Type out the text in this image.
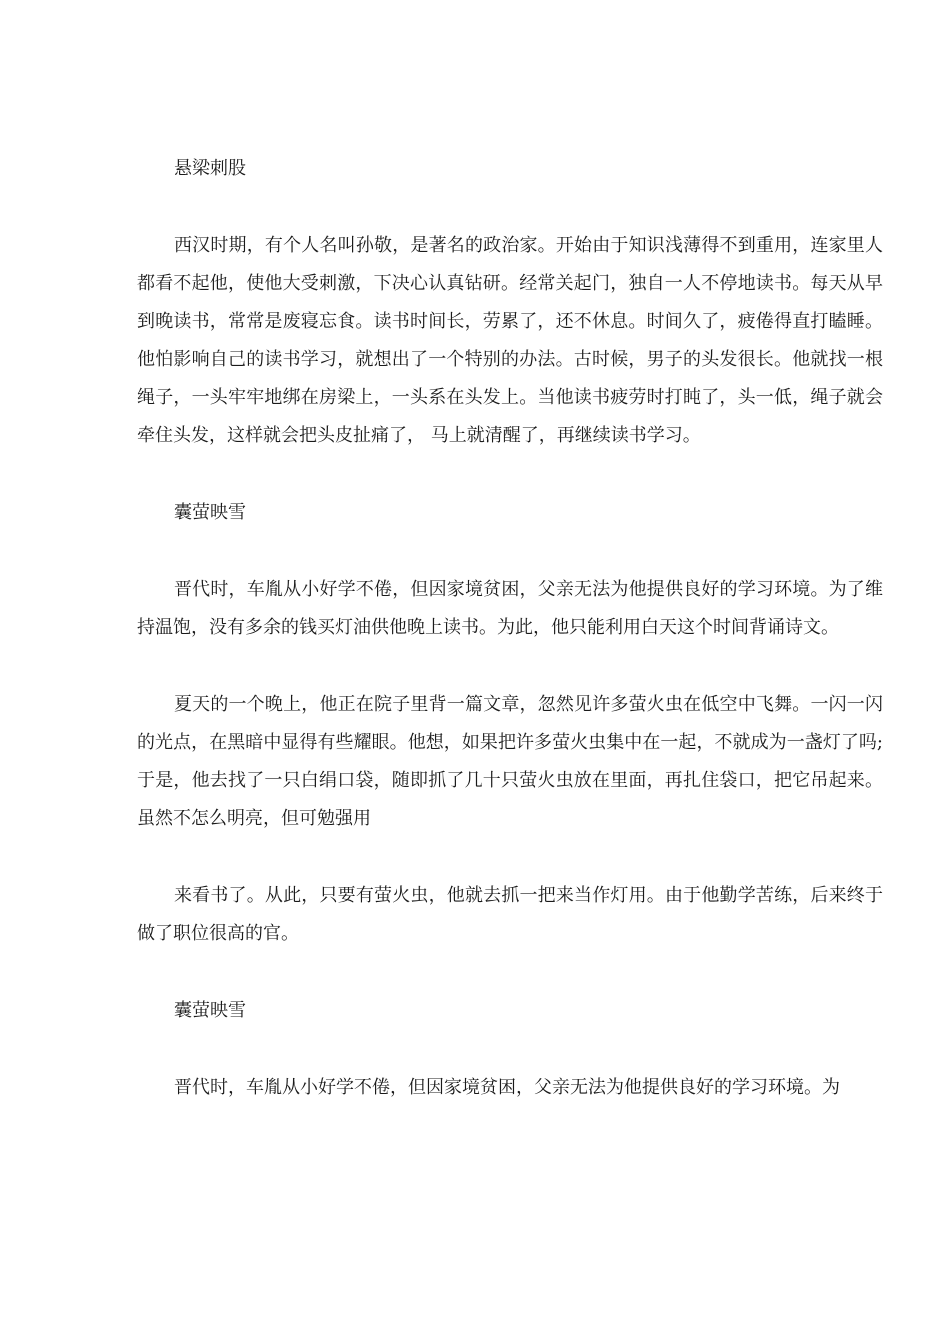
悬梁刺股

西汉时期，有个人名叫孙敬，是著名的政治家。开始由于知识浅薄得不到重用，连家里人都看不起他，使他大受刺激，下决心认真钻研。经常关起门，独自一人不停地读书。每天从早到晚读书，常常是废寝忘食。读书时间长，劳累了，还不休息。时间久了，疲倦得直打瞌睡。他怕影响自己的读书学习，就想出了一个特别的办法。古时候，男子的头发很长。他就找一根绳子，一头牢牢地绑在房梁上，一头系在头发上。当他读书疲劳时打盹了，头一低，绳子就会牵住头发，这样就会把头皮扯痛了， 马上就清醒了，再继续读书学习。

囊萤映雪

晋代时，车胤从小好学不倦，但因家境贫困，父亲无法为他提供良好的学习环境。为了维持温饱，没有多余的钱买灯油供他晚上读书。为此，他只能利用白天这个时间背诵诗文。

夏天的一个晚上，他正在院子里背一篇文章，忽然见许多萤火虫在低空中飞舞。一闪一闪的光点，在黑暗中显得有些耀眼。他想，如果把许多萤火虫集中在一起，不就成为一盏灯了吗;于是，他去找了一只白绢口袋，随即抓了几十只萤火虫放在里面，再扎住袋口，把它吊起来。虽然不怎么明亮，但可勉强用

来看书了。从此，只要有萤火虫，他就去抓一把来当作灯用。由于他勤学苦练，后来终于做了职位很高的官。

囊萤映雪

晋代时，车胤从小好学不倦，但因家境贫困，父亲无法为他提供良好的学习环境。为
